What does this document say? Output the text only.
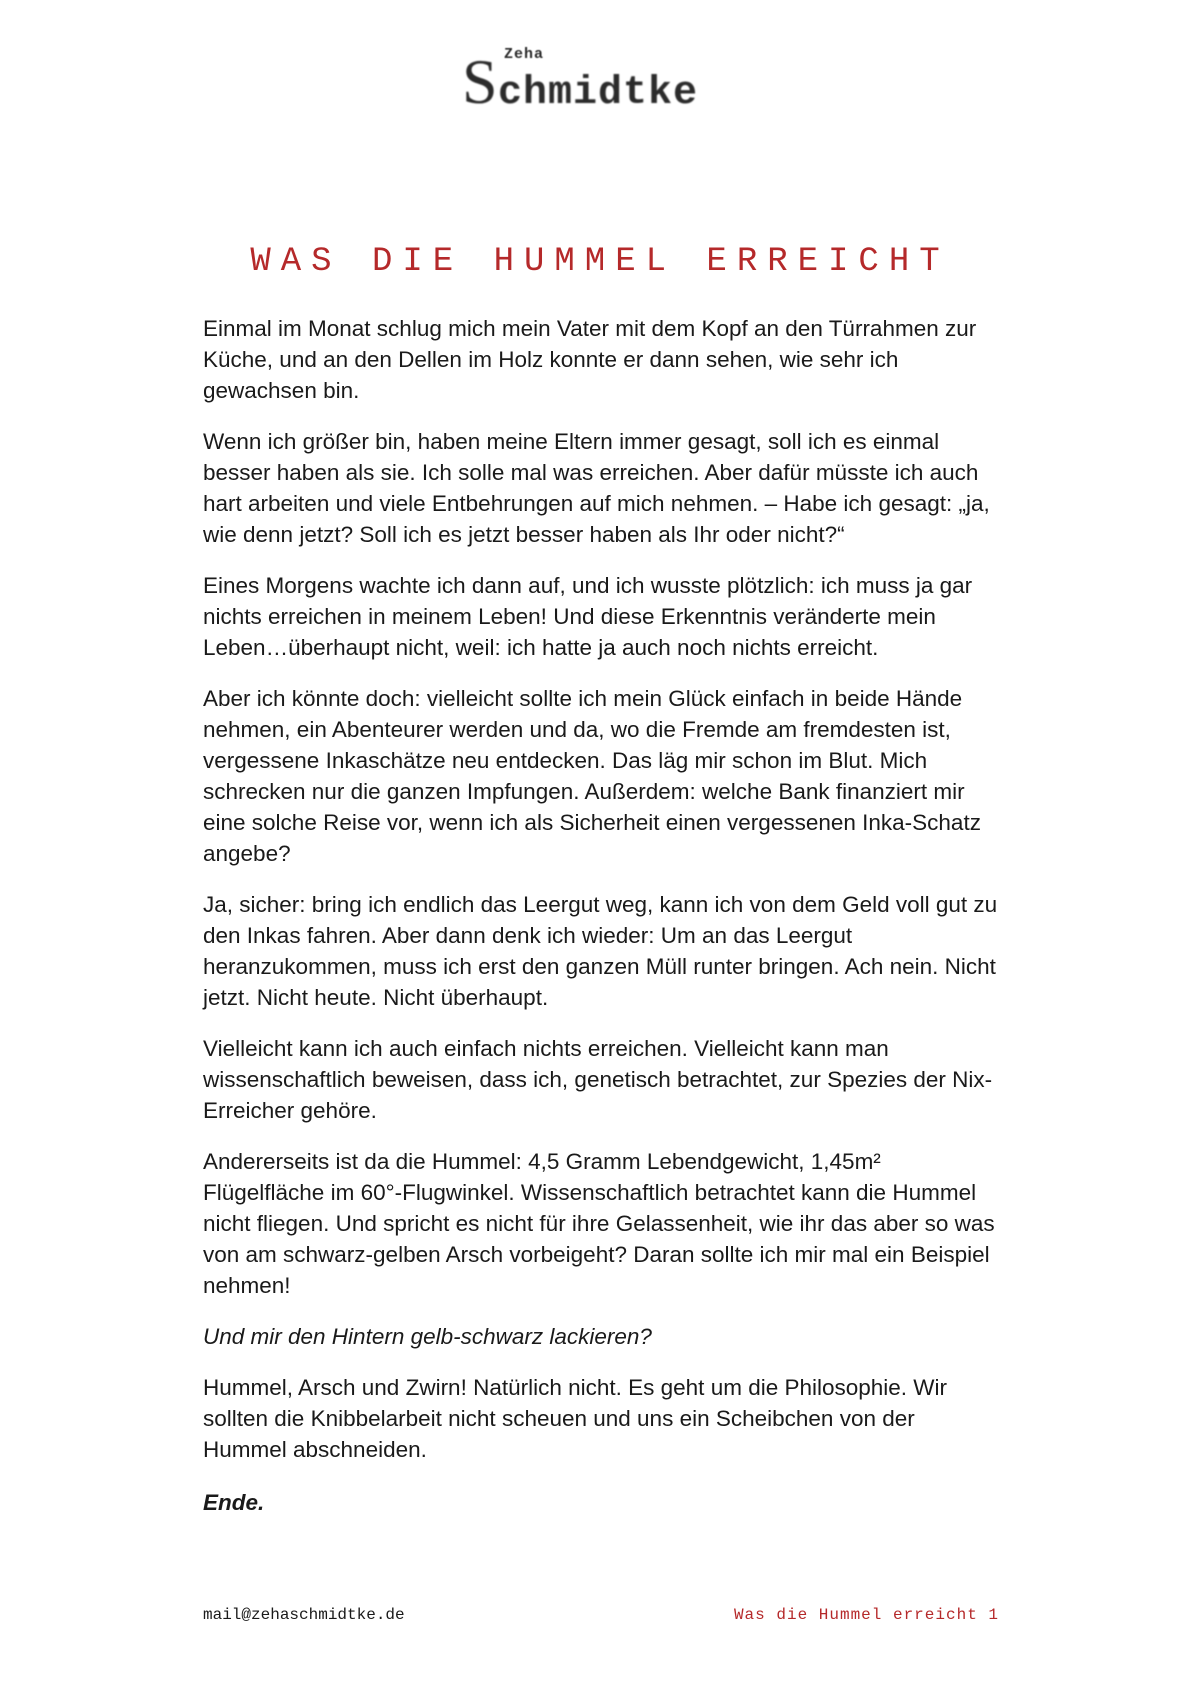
Zeha
S chmidtke
WAS DIE HUMMEL ERREICHT

Einmal im Monat schlug mich mein Vater mit dem Kopf an den Türrahmen zur Küche, und an den Dellen im Holz konnte er dann sehen, wie sehr ich gewachsen bin.

Wenn ich größer bin, haben meine Eltern immer gesagt, soll ich es einmal besser haben als sie. Ich solle mal was erreichen. Aber dafür müsste ich auch hart arbeiten und viele Entbehrungen auf mich nehmen. – Habe ich gesagt: „ja, wie denn jetzt? Soll ich es jetzt besser haben als Ihr oder nicht?“

Eines Morgens wachte ich dann auf, und ich wusste plötzlich: ich muss ja gar nichts erreichen in meinem Leben! Und diese Erkenntnis veränderte mein Leben…überhaupt nicht, weil: ich hatte ja auch noch nichts erreicht.

Aber ich könnte doch: vielleicht sollte ich mein Glück einfach in beide Hände nehmen, ein Abenteurer werden und da, wo die Fremde am fremdesten ist, vergessene Inkaschätze neu entdecken. Das läg mir schon im Blut. Mich schrecken nur die ganzen Impfungen. Außerdem: welche Bank finanziert mir eine solche Reise vor, wenn ich als Sicherheit einen vergessenen Inka-Schatz angebe?

Ja, sicher: bring ich endlich das Leergut weg, kann ich von dem Geld voll gut zu den Inkas fahren. Aber dann denk ich wieder: Um an das Leergut heranzukommen, muss ich erst den ganzen Müll runter bringen. Ach nein. Nicht jetzt. Nicht heute. Nicht überhaupt.

Vielleicht kann ich auch einfach nichts erreichen. Vielleicht kann man wissenschaftlich beweisen, dass ich, genetisch betrachtet, zur Spezies der Nix-Erreicher gehöre.

Andererseits ist da die Hummel: 4,5 Gramm Lebendgewicht, 1,45m² Flügelfläche im 60°-Flugwinkel. Wissenschaftlich betrachtet kann die Hummel nicht fliegen. Und spricht es nicht für ihre Gelassenheit, wie ihr das aber so was von am schwarz-gelben Arsch vorbeigeht? Daran sollte ich mir mal ein Beispiel nehmen!

Und mir den Hintern gelb-schwarz lackieren?

Hummel, Arsch und Zwirn! Natürlich nicht. Es geht um die Philosophie. Wir sollten die Knibbelarbeit nicht scheuen und uns ein Scheibchen von der Hummel abschneiden.

Ende.

mail@zehaschmidtke.de	Was die Hummel erreicht 1
